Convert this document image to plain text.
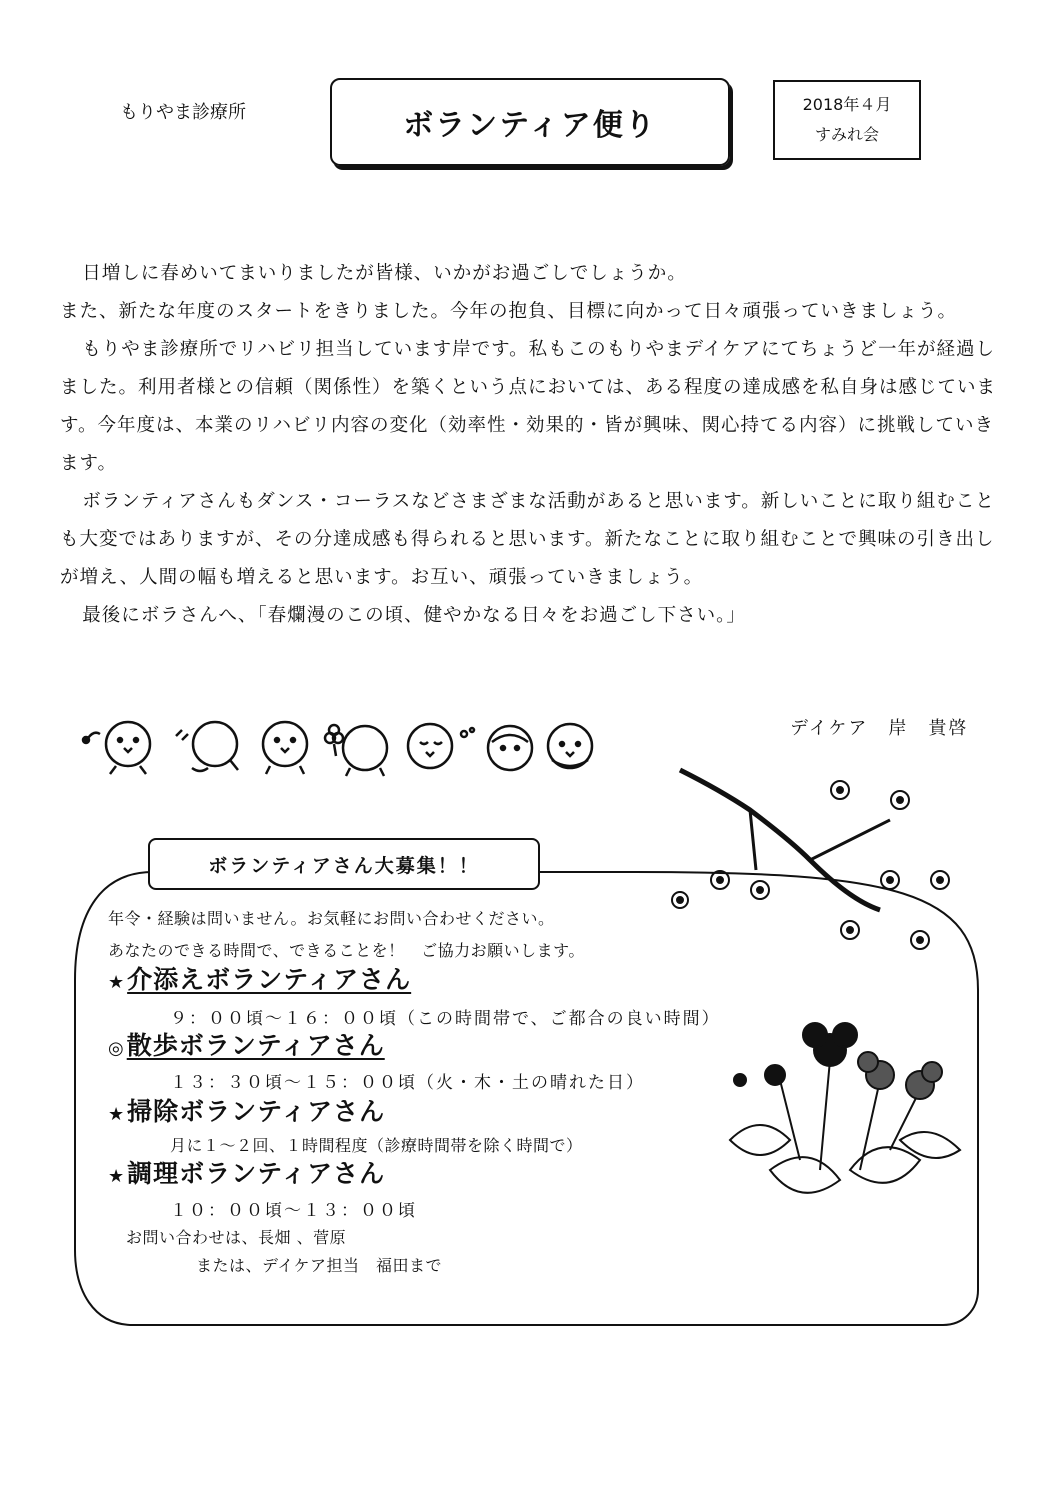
もりやま診療所	ボランティア便り
2018年４月
すみれ会

日増しに春めいてまいりましたが皆様、いかがお過ごしでしょうか。

また、新たな年度のスタートをきりました。今年の抱負、目標に向かって日々頑張っていきましょう。

もりやま診療所でリハビリ担当しています岸です。私もこのもりやまデイケアにてちょうど一年が経過しました。利用者様との信頼（関係性）を築くという点においては、ある程度の達成感を私自身は感じています。今年度は、本業のリハビリ内容の変化（効率性・効果的・皆が興味、関心持てる内容）に挑戦していきます。

ボランティアさんもダンス・コーラスなどさまざまな活動があると思います。新しいことに取り組むことも大変ではありますが、その分達成感も得られると思います。新たなことに取り組むことで興味の引き出しが増え、人間の幅も増えると思います。お互い、頑張っていきましょう。

最後にボラさんへ、「春爛漫のこの頃、健やかなる日々をお過ごし下さい。」

デイケア　岸　貴啓
ボランティアさん大募集！！
年令・経験は問いません。お気軽にお問い合わせください。
あなたのできる時間で、できることを！　ご協力お願いします。
★介添えボランティアさん
９：００頃～１６：００頃（この時間帯で、ご都合の良い時間）
◎散歩ボランティアさん
１３：３０頃～１５：００頃（火・木・土の晴れた日）
★掃除ボランティアさん
月に１～２回、１時間程度（診療時間帯を除く時間で）
★調理ボランティアさん
１０：００頃～１３：００頃
お問い合わせは、長畑 、菅原
または、デイケア担当　福田まで
